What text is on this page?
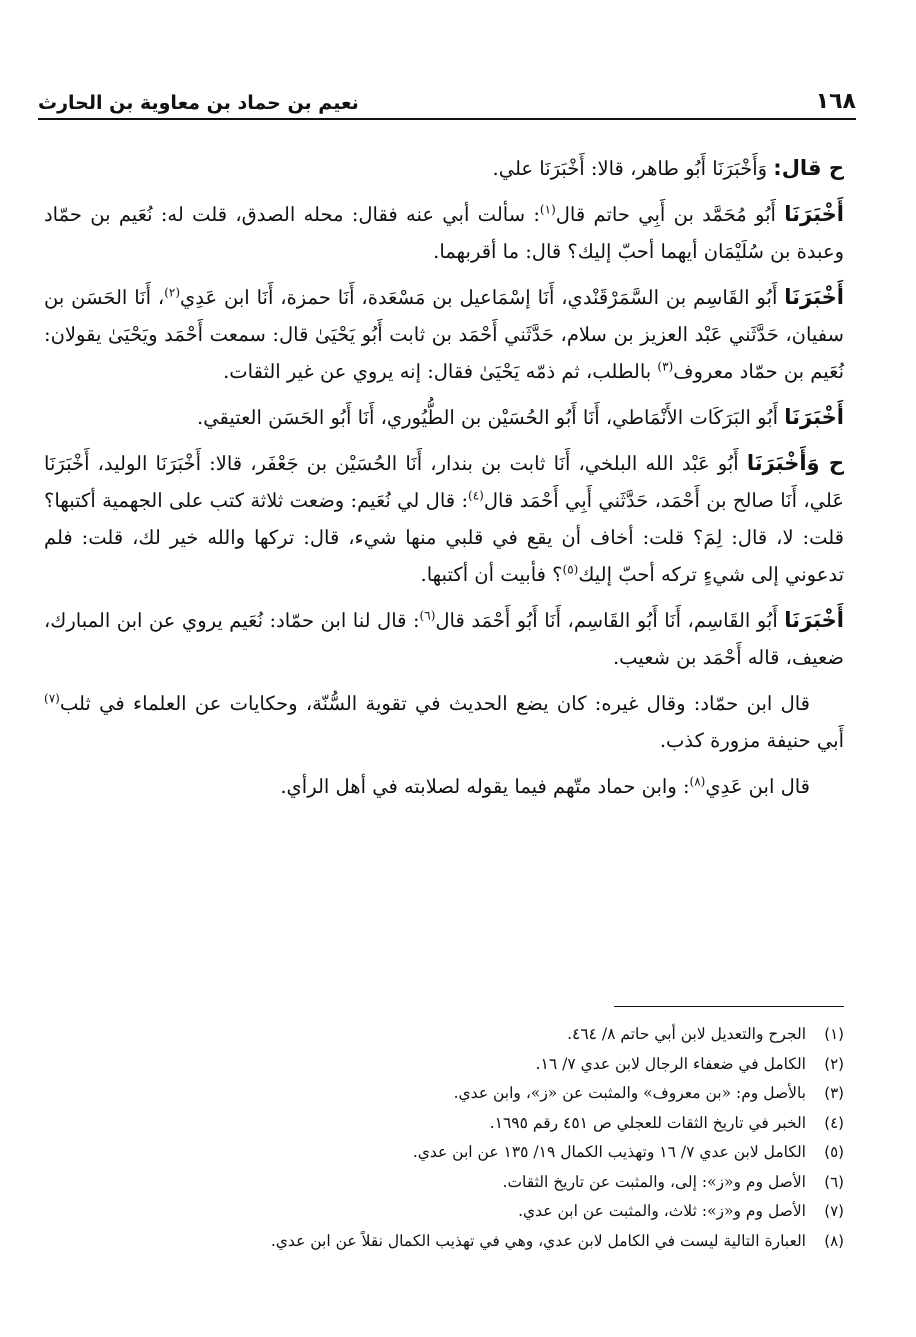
١٦٨
نعيم بن حماد بن معاوية بن الحارث

ح قال: وَأَخْبَرَنَا أَبُو طاهر، قالا: أَخْبَرَنَا علي.

أَخْبَرَنَا أَبُو مُحَمَّد بن أَبِي حاتم قال$^{(١)}$: سألت أبي عنه فقال: محله الصدق، قلت له: نُعَيم بن حمّاد وعبدة بن سُلَيْمَان أيهما أحبّ إليك؟ قال: ما أقربهما.

أَخْبَرَنَا أَبُو القَاسِم بن السَّمَرْقَنْدي، أَنَا إسْمَاعيل بن مَسْعَدة، أَنَا حمزة، أَنَا ابن عَدِي$^{(٢)}$، أَنَا الحَسَن بن سفيان، حَدَّثَني عَبْد العزيز بن سلام، حَدَّثَني أَحْمَد بن ثابت أَبُو يَحْيَىٰ قال: سمعت أَحْمَد ويَحْيَىٰ يقولان: نُعَيم بن حمّاد معروف$^{(٣)}$ بالطلب، ثم ذمّه يَحْيَىٰ فقال: إنه يروي عن غير الثقات.

أَخْبَرَنَا أَبُو البَرَكَات الأَنْمَاطي، أَنَا أَبُو الحُسَيْن بن الطُّيُوري، أَنَا أَبُو الحَسَن العتيقي.

ح وَأَخْبَرَنَا أَبُو عَبْد الله البلخي، أَنَا ثابت بن بندار، أَنَا الحُسَيْن بن جَعْفَر، قالا: أَخْبَرَنَا الوليد، أَخْبَرَنَا عَلي، أَنَا صالح بن أَحْمَد، حَدَّثَني أَبِي أَحْمَد قال$^{(٤)}$: قال لي نُعَيم: وضعت ثلاثة كتب على الجهمية أكتبها؟ قلت: لا، قال: لِمَ؟ قلت: أخاف أن يقع في قلبي منها شيء، قال: تركها والله خير لك، قلت: فلم تدعوني إلى شيءٍ تركه أحبّ إليك$^{(٥)}$؟ فأبيت أن أكتبها.

أَخْبَرَنَا أَبُو القَاسِم، أَنَا أَبُو القَاسِم، أَنَا أَبُو أَحْمَد قال$^{(٦)}$: قال لنا ابن حمّاد: نُعَيم يروي عن ابن المبارك، ضعيف، قاله أَحْمَد بن شعيب.

قال ابن حمّاد: وقال غيره: كان يضع الحديث في تقوية السُّنّة، وحكايات عن العلماء في ثلب$^{(٧)}$ أَبي حنيفة مزورة كذب.

قال ابن عَدِي$^{(٨)}$: وابن حماد متّهم فيما يقوله لصلابته في أهل الرأي.

(١)
الجرح والتعديل لابن أبي حاتم ٨/ ٤٦٤.
(٢)
الكامل في ضعفاء الرجال لابن عدي ٧/ ١٦.
(٣)
بالأصل وم: «بن معروف» والمثبت عن «ز»، وابن عدي.
(٤)
الخبر في تاريخ الثقات للعجلي ص ٤٥١ رقم ١٦٩٥.
(٥)
الكامل لابن عدي ٧/ ١٦ وتهذيب الكمال ١٩/ ١٣٥ عن ابن عدي.
(٦)
الأصل وم و«ز»: إلى، والمثبت عن تاريخ الثقات.
(٧)
الأصل وم و«ز»: ثلاث، والمثبت عن ابن عدي.
(٨)
العبارة التالية ليست في الكامل لابن عدي، وهي في تهذيب الكمال نقلاً عن ابن عدي.
